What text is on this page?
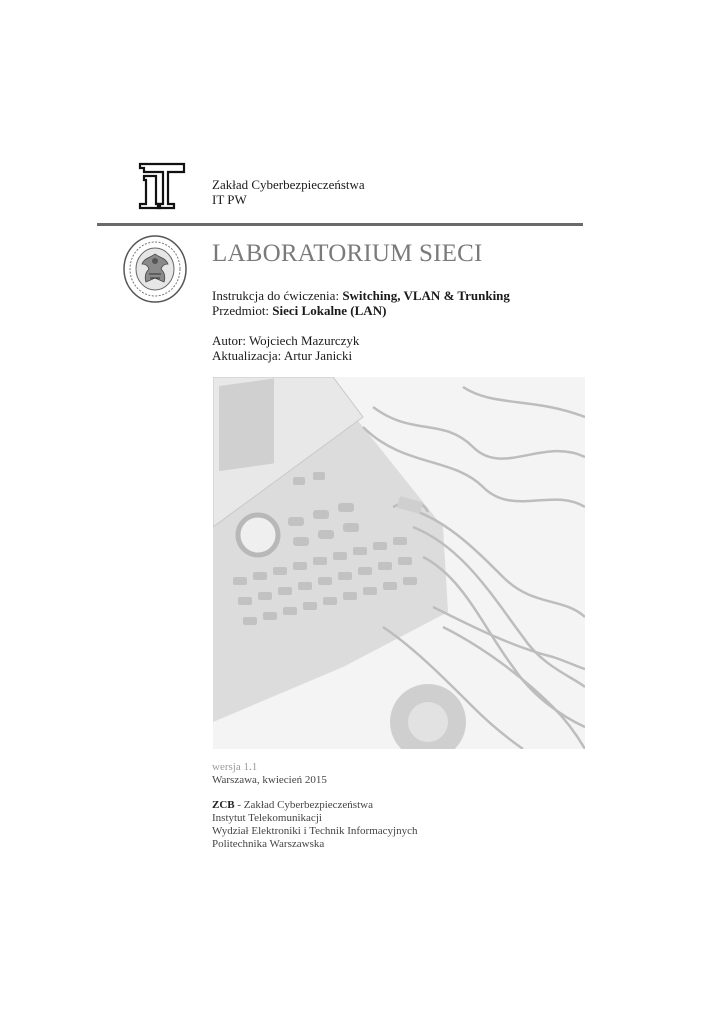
Zakład Cyberbezpieczeństwa
IT PW
LABORATORIUM SIECI
Instrukcja do ćwiczenia: Switching, VLAN & Trunking
Przedmiot: Sieci Lokalne (LAN)
Autor: Wojciech Mazurczyk
Aktualizacja: Artur Janicki
wersja 1.1
Warszawa, kwiecień 2015
ZCB - Zakład Cyberbezpieczeństwa
Instytut Telekomunikacji
Wydział Elektroniki i Technik Informacyjnych
Politechnika Warszawska
